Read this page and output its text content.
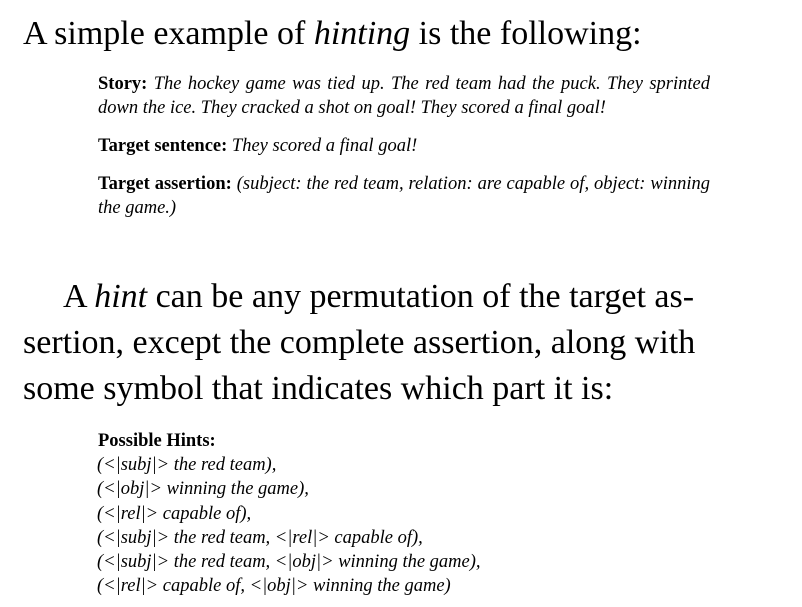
A simple example of hinting is the following:

Story: The hockey game was tied up. The red team had the puck. They sprinted down the ice. They cracked a shot on goal! They scored a final goal!

Target sentence: They scored a final goal!

Target assertion: (subject: the red team, relation: are capable of, object: winning the game.)

A hint can be any permutation of the target as-
sertion, except the complete assertion, along with
some symbol that indicates which part it is:
Possible Hints:
(<|subj|> the red team),
(<|obj|> winning the game),
(<|rel|> capable of),
(<|subj|> the red team, <|rel|> capable of),
(<|subj|> the red team, <|obj|> winning the game),
(<|rel|> capable of, <|obj|> winning the game)
